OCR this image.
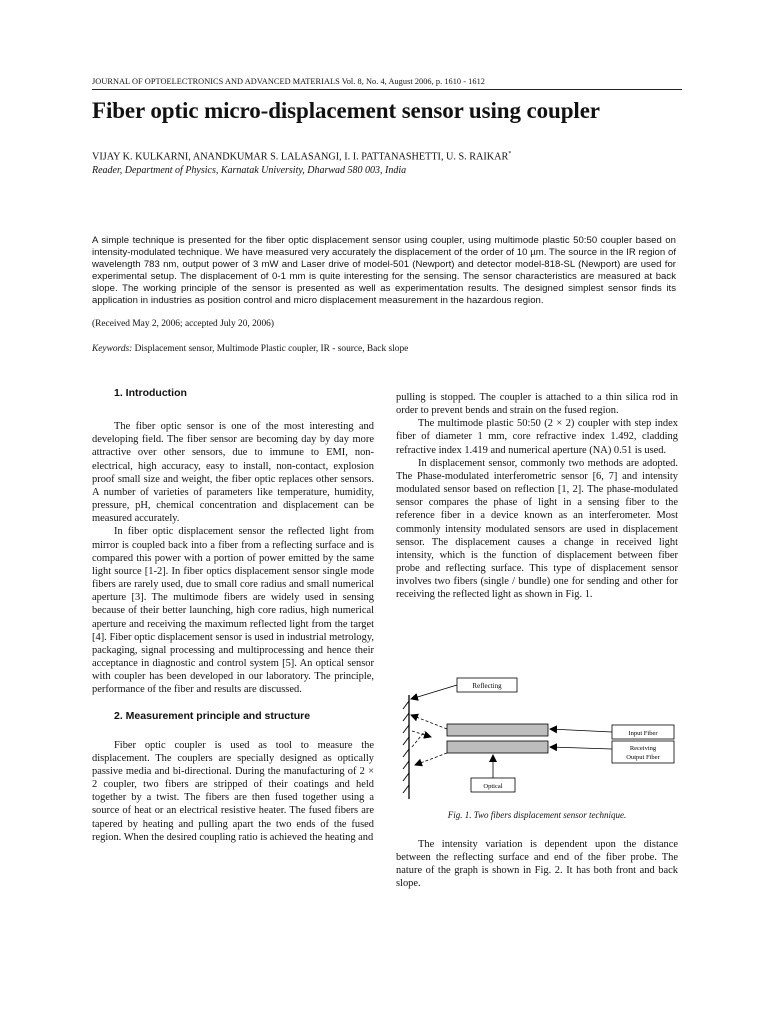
JOURNAL OF OPTOELECTRONICS AND ADVANCED MATERIALS Vol. 8, No. 4, August 2006, p. 1610 - 1612
Fiber optic micro-displacement sensor using coupler
VIJAY K. KULKARNI, ANANDKUMAR S. LALASANGI, I. I. PATTANASHETTI, U. S. RAIKAR*
Reader, Department of Physics, Karnatak University, Dharwad 580 003, India
A simple technique is presented for the fiber optic displacement sensor using coupler, using multimode plastic 50:50 coupler based on intensity-modulated technique. We have measured very accurately the displacement of the order of 10 µm. The source in the IR region of wavelength 783 nm, output power of 3 mW and Laser drive of model-501 (Newport) and detector model-818-SL (Newport) are used for experimental setup. The displacement of 0-1 mm is quite interesting for the sensing. The sensor characteristics are measured at back slope. The working principle of the sensor is presented as well as experimentation results. The designed simplest sensor finds its application in industries as position control and micro displacement measurement in the hazardous region.
(Received May 2, 2006; accepted July 20, 2006)
Keywords: Displacement sensor, Multimode Plastic coupler, IR - source, Back slope
1. Introduction

The fiber optic sensor is one of the most interesting and developing field. The fiber sensor are becoming day by day more attractive over other sensors, due to immune to EMI, non-electrical, high accuracy, easy to install, non-contact, explosion proof small size and weight, the fiber optic replaces other sensors. A number of varieties of parameters like temperature, humidity, pressure, pH, chemical concentration and displacement can be measured accurately.

In fiber optic displacement sensor the reflected light from mirror is coupled back into a fiber from a reflecting surface and is compared this power with a portion of power emitted by the same light source [1-2]. In fiber optics displacement sensor single mode fibers are rarely used, due to small core radius and small numerical aperture [3]. The multimode fibers are widely used in sensing because of their better launching, high core radius, high numerical aperture and receiving the maximum reflected light from the target [4]. Fiber optic displacement sensor is used in industrial metrology, packaging, signal processing and multiprocessing and hence their acceptance in diagnostic and control system [5]. An optical sensor with coupler has been developed in our laboratory. The principle, performance of the fiber and results are discussed.

2. Measurement principle and structure

Fiber optic coupler is used as tool to measure the displacement. The couplers are specially designed as optically passive media and bi-directional. During the manufacturing of 2 × 2 coupler, two fibers are stripped of their coatings and held together by a twist. The fibers are then fused together using a source of heat or an electrical resistive heater. The fused fibers are tapered by heating and pulling apart the two ends of the fused region. When the desired coupling ratio is achieved the heating and

pulling is stopped. The coupler is attached to a thin silica rod in order to prevent bends and strain on the fused region.

The multimode plastic 50:50 (2 × 2) coupler with step index fiber of diameter 1 mm, core refractive index 1.492, cladding refractive index 1.419 and numerical aperture (NA) 0.51 is used.

In displacement sensor, commonly two methods are adopted. The Phase-modulated interferometric sensor [6, 7] and intensity modulated sensor based on reflection [1, 2]. The phase-modulated sensor compares the phase of light in a sensing fiber to the reference fiber in a device known as an interferometer. Most commonly intensity modulated sensors are used in displacement sensor. The displacement causes a change in received light intensity, which is the function of displacement between fiber probe and reflecting surface. This type of displacement sensor involves two fibers (single / bundle) one for sending and other for receiving the reflected light as shown in Fig. 1.

Reflecting
Input Fiber
Receiving
Output Fiber
Optical
Fig. 1. Two fibers displacement sensor technique.

The intensity variation is dependent upon the distance between the reflecting surface and end of the fiber probe. The nature of the graph is shown in Fig. 2. It has both front and back slope.
